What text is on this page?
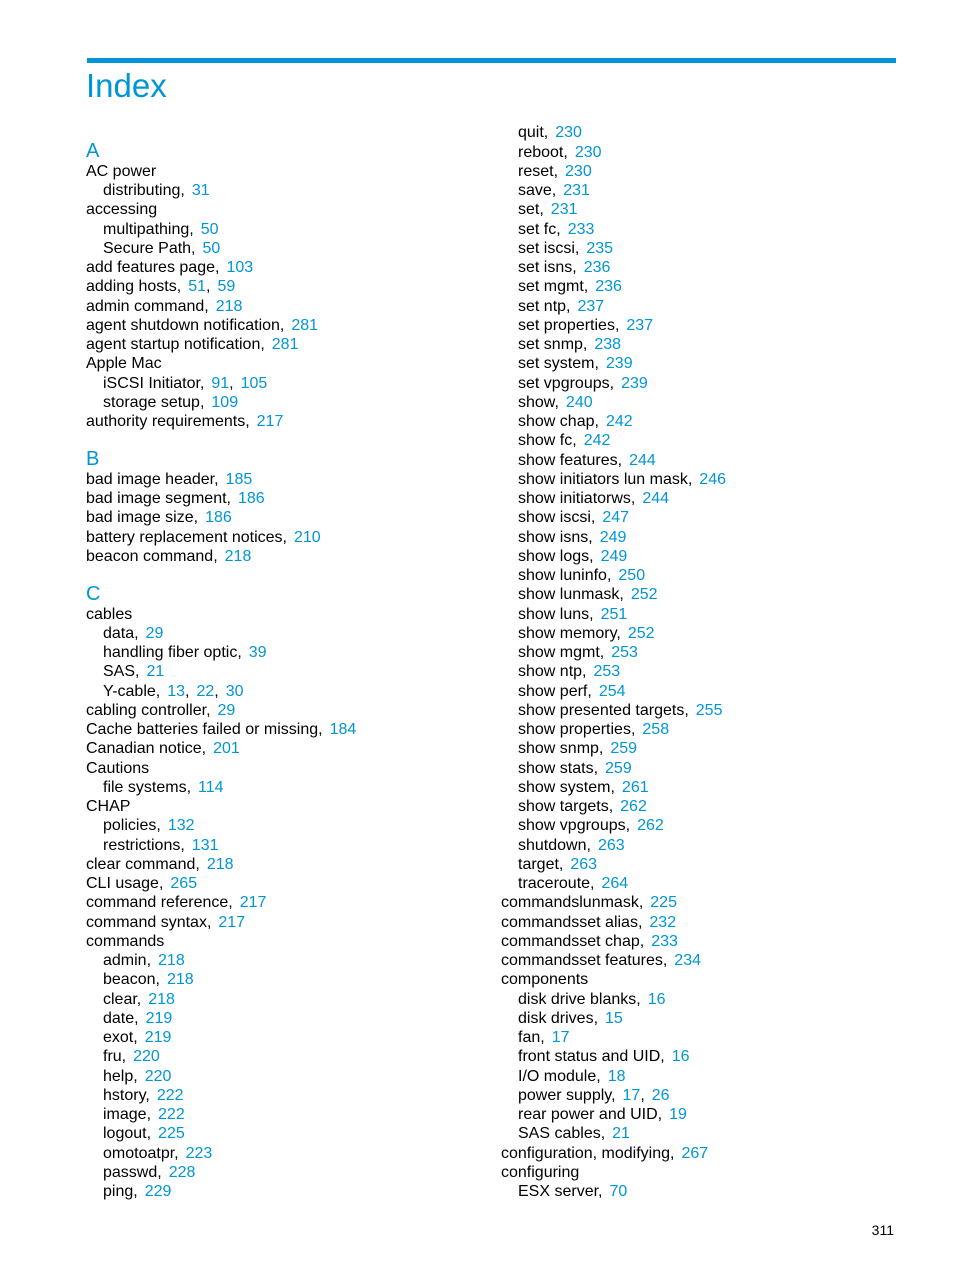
Index
A
AC power
distributing, 31
accessing
multipathing, 50
Secure Path, 50
add features page, 103
adding hosts, 51, 59
admin command, 218
agent shutdown notification, 281
agent startup notification, 281
Apple Mac
iSCSI Initiator, 91, 105
storage setup, 109
authority requirements, 217
B
bad image header, 185
bad image segment, 186
bad image size, 186
battery replacement notices, 210
beacon command, 218
C
cables
data, 29
handling fiber optic, 39
SAS, 21
Y-cable, 13, 22, 30
cabling controller, 29
Cache batteries failed or missing, 184
Canadian notice, 201
Cautions
file systems, 114
CHAP
policies, 132
restrictions, 131
clear command, 218
CLI usage, 265
command reference, 217
command syntax, 217
commands
admin, 218
beacon, 218
clear, 218
date, 219
exot, 219
fru, 220
help, 220
hstory, 222
image, 222
logout, 225
omotoatpr, 223
passwd, 228
ping, 229
quit, 230
reboot, 230
reset, 230
save, 231
set, 231
set fc, 233
set iscsi, 235
set isns, 236
set mgmt, 236
set ntp, 237
set properties, 237
set snmp, 238
set system, 239
set vpgroups, 239
show, 240
show chap, 242
show fc, 242
show features, 244
show initiators lun mask, 246
show initiatorws, 244
show iscsi, 247
show isns, 249
show logs, 249
show luninfo, 250
show lunmask, 252
show luns, 251
show memory, 252
show mgmt, 253
show ntp, 253
show perf, 254
show presented targets, 255
show properties, 258
show snmp, 259
show stats, 259
show system, 261
show targets, 262
show vpgroups, 262
shutdown, 263
target, 263
traceroute, 264
commandslunmask, 225
commandsset alias, 232
commandsset chap, 233
commandsset features, 234
components
disk drive blanks, 16
disk drives, 15
fan, 17
front status and UID, 16
I/O module, 18
power supply, 17, 26
rear power and UID, 19
SAS cables, 21
configuration, modifying, 267
configuring
ESX server, 70
311
